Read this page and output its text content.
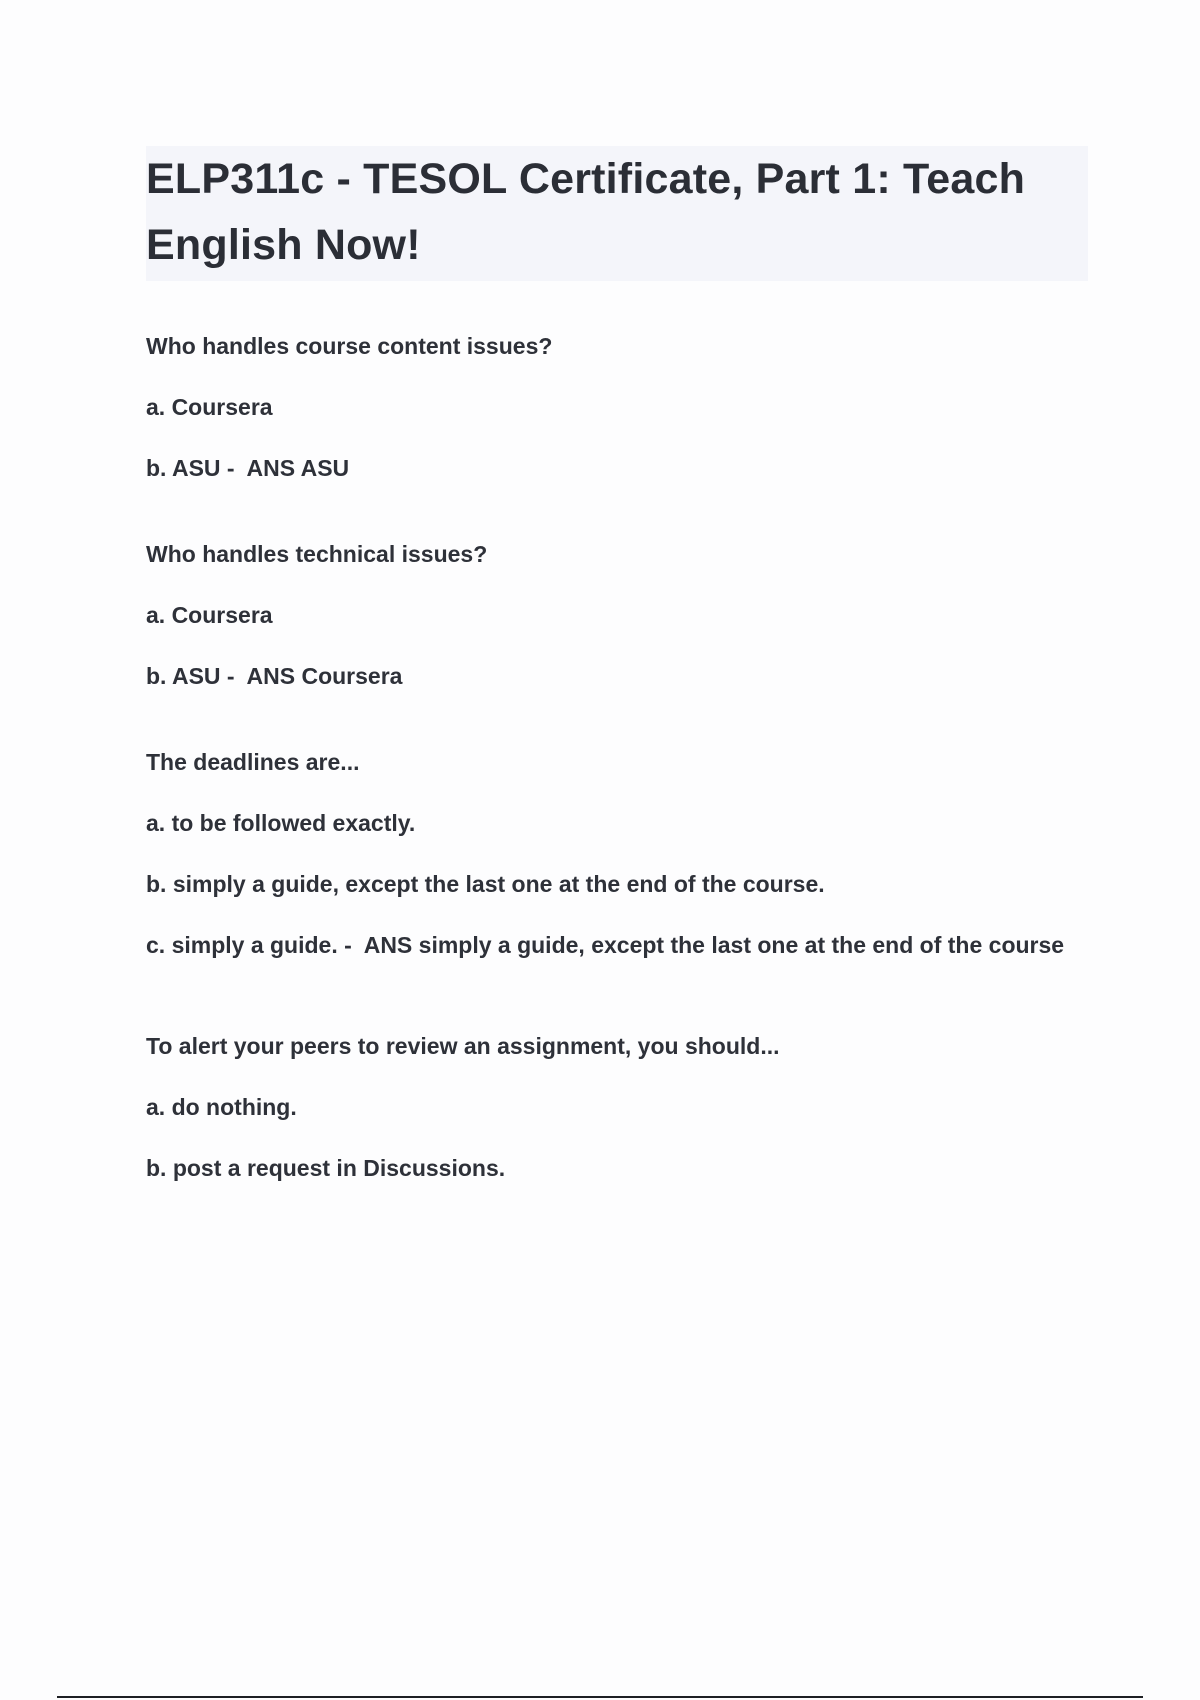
ELP311c - TESOL Certificate, Part 1: Teach English Now!
Who handles course content issues?
a. Coursera
b. ASU -  ANS ASU
Who handles technical issues?
a. Coursera
b. ASU -  ANS Coursera
The deadlines are...
a. to be followed exactly.
b. simply a guide, except the last one at the end of the course.
c. simply a guide. -  ANS simply a guide, except the last one at the end of the course
To alert your peers to review an assignment, you should...
a. do nothing.
b. post a request in Discussions.
